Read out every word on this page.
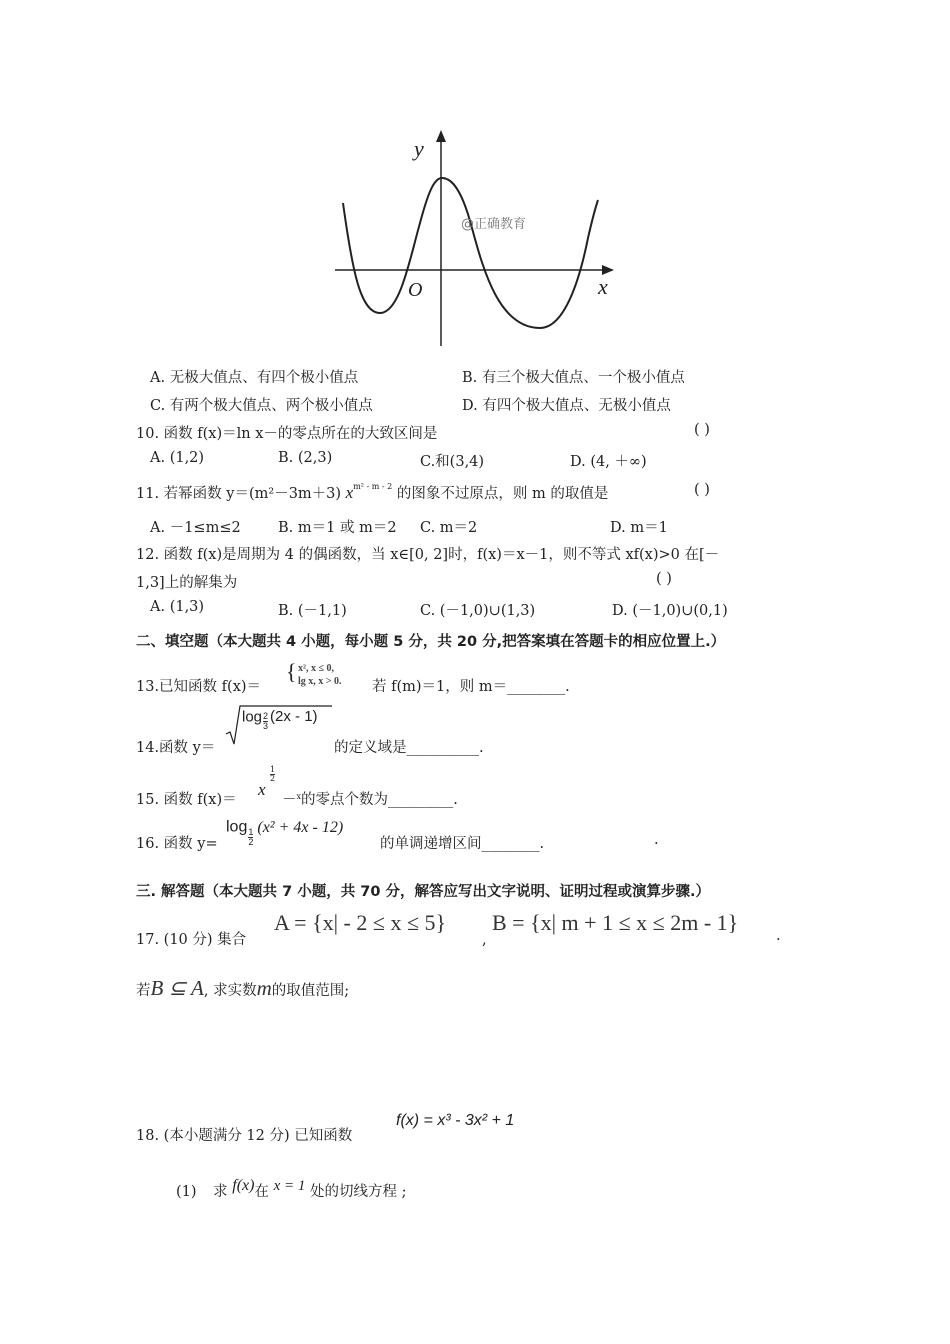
y
x
O
@正确教育
A. 无极大值点、有四个极小值点	B. 有三个极大值点、一个极小值点
C. 有两个极大值点、两个极小值点	D. 有四个极大值点、无极小值点
10. 函数 f(x)＝ln x－的零点所在的大致区间是	( )
A. (1,2)	B. (2,3)	C.和(3,4)	D. (4, ＋∞)
11. 若幂函数 y＝(m²－3m＋3) $x^{m^2 - m - 2}$ 的图象不过原点，则 m 的取值是	( )
A. －1≤m≤2	B. m＝1 或 m＝2 C. m＝2	D. m＝1
12. 函数 f(x)是周期为 4 的偶函数，当 x∈[0, 2]时，f(x)＝x－1，则不等式 xf(x)>0 在[－
1,3]上的解集为	( )
A. (1,3)	B. (－1,1)	C. (－1,0)∪(1,3)	D. (－1,0)∪(0,1)
二、填空题（本大题共 4 小题，每小题 5 分，共 20 分,把答案填在答题卡的相应位置上.）
13.已知函数 f(x)＝
{ x², x ≤ 0,
lg x, x > 0. 若 f(m)＝1，则 m＝________.
14.函数 y＝
$\log \frac{2}{3} (2x - 1)$
的定义域是__________.
15. 函数 f(x)＝
$\frac{1}{2}$
x
－$^x$的零点个数为_________.
16. 函数 y=
log
$\frac{1}{2}$
(x² + 4x - 12)
的单调递增区间________.	.
三. 解答题（本大题共 7 小题，共 70 分，解答应写出文字说明、证明过程或演算步骤.）
17. (10 分) 集合
A = {x| - 2 ≤ x ≤ 5}
,
B = {x| m + 1 ≤ x ≤ 2m - 1}
.
若B ⊆ A, 求实数m的取值范围;
18. (本小题满分 12 分) 已知函数
f(x) = x³ - 3x² + 1
(1) 求 f(x)在 x = 1 处的切线方程 ;
